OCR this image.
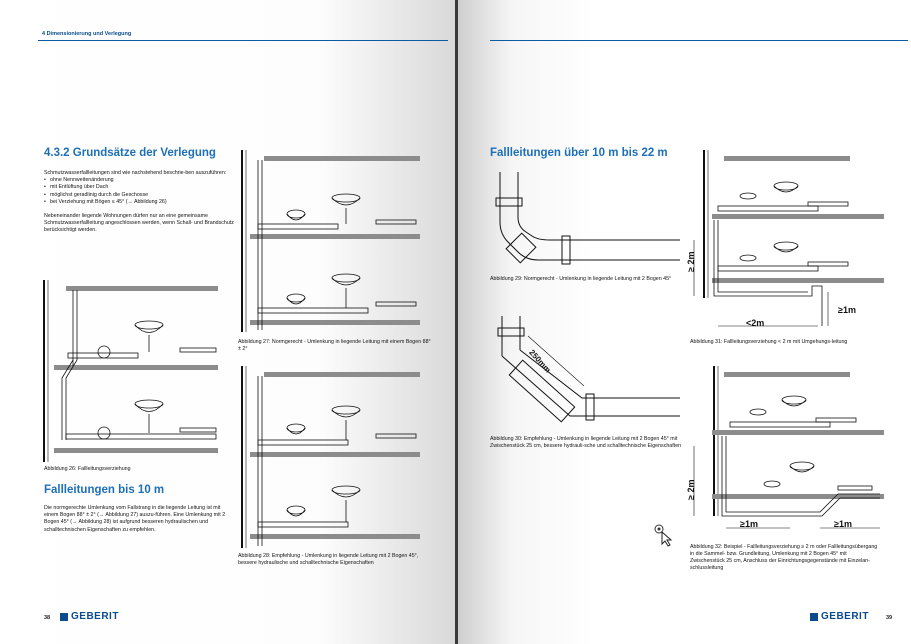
4 Dimensionierung und Verlegung
4.3.2 Grundsätze der Verlegung
Schmutzwasserfallleitungen sind wie nachstehend beschrie-ben auszuführen:
• ohne Nennweitenänderung
• mit Entlüftung über Dach
• möglichst geradlinig durch die Geschosse
• bei Verziehung mit Bögen ≤ 45° (→ Abbildung 26)
Nebeneinander liegende Wohnungen dürfen nur an eine gemeinsame Schmutzwasserfallleitung angeschlossen werden, wenn Schall- und Brandschutz berücksichtigt werden.
Abbildung 26: Fallleitungsverziehung
Fallleitungen bis 10 m
Die normgerechte Umlenkung vom Fallstrang in die liegende Leitung ist mit einem Bogen 88° ± 2° (→ Abbildung 27) auszu-führen. Eine Umlenkung mit 2 Bogen 45° (→ Abbildung 28) ist aufgrund besseren hydraulischen und schalltechnischen Eigenschaften zu empfehlen.
Abbildung 27: Normgerecht - Umlenkung in liegende Leitung mit einem Bogen 88° ± 2°
Abbildung 28: Empfehlung - Umlenkung in liegende Leitung mit 2 Bogen 45°, bessere hydraulische und schalltechnische Eigenschaften
38 GEBERIT
Fallleitungen über 10 m bis 22 m
Abbildung 29: Normgerecht - Umlenkung in liegende Leitung mit 2 Bogen 45°
250mm
Abbildung 30: Empfehlung - Umlenkung in liegende Leitung mit 2 Bogen 45° mit Zwischenstück 25 cm, bessere hydrauli-sche und schalltechnische Eigenschaften
≥ 2m
≥1m
<2m
Abbildung 31: Fallleitungsverziehung < 2 m mit Umgehungs-leitung
≥ 2m
≥1m	≥1m
Abbildung 32: Beispiel - Fallleitungsverziehung ≥ 2 m oder Fallleitungsübergang in die Sammel- bzw. Grundleitung, Umlenkung mit 2 Bogen 45° mit Zwischenstück 25 cm, Anschluss der Einrichtungsgegenstände mit Einzelan-schlussleitung
GEBERIT	39
